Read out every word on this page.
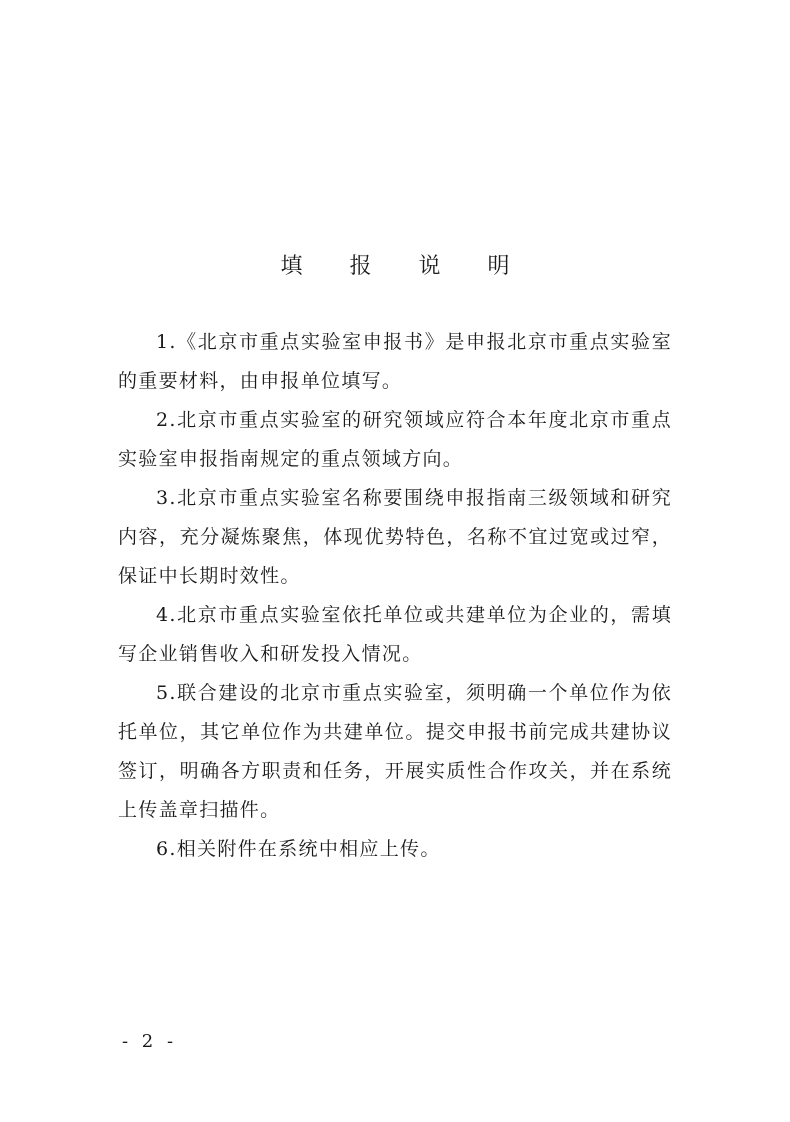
填 报 说 明

1.《北京市重点实验室申报书》是申报北京市重点实验室的重要材料，由申报单位填写。

2.北京市重点实验室的研究领域应符合本年度北京市重点实验室申报指南规定的重点领域方向。

3.北京市重点实验室名称要围绕申报指南三级领域和研究内容，充分凝炼聚焦，体现优势特色，名称不宜过宽或过窄，保证中长期时效性。

4.北京市重点实验室依托单位或共建单位为企业的，需填写企业销售收入和研发投入情况。

5.联合建设的北京市重点实验室，须明确一个单位作为依托单位，其它单位作为共建单位。提交申报书前完成共建协议签订，明确各方职责和任务，开展实质性合作攻关，并在系统上传盖章扫描件。

6.相关附件在系统中相应上传。

- 2 -
